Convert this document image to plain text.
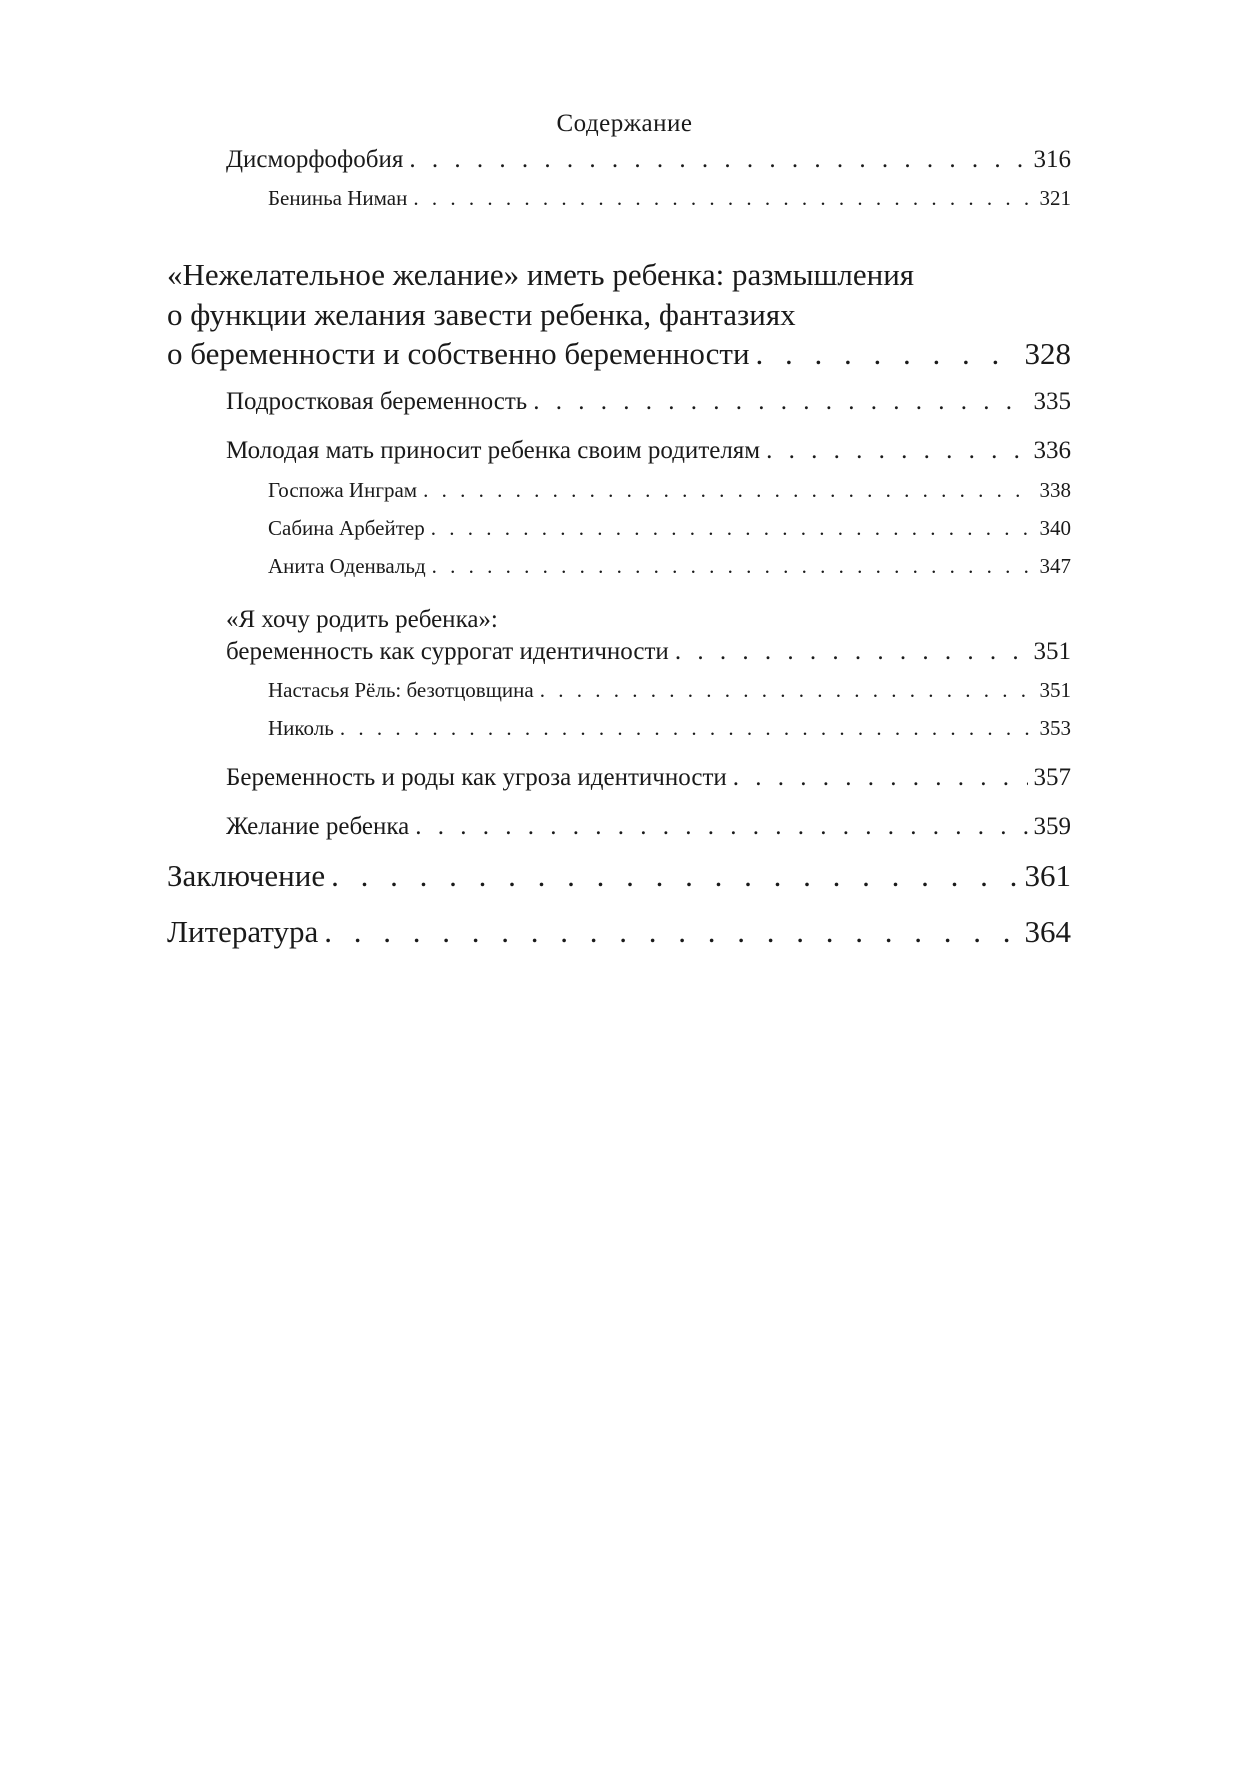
Содержание
Дисморфофобия . . .	316
Бениньа Ниман . . .	321
«Нежелательное желание» иметь ребенка: размышления
о функции желания завести ребенка, фантазиях
о беременности и собственно беременности . . .	328
Подростковая беременность . . .	335
Молодая мать приносит ребенка своим родителям . . .	336
Госпожа Инграм . . .	338
Сабина Арбейтер . . .	340
Анита Оденвальд . . .	347
«Я хочу родить ребенка»:
беременность как суррогат идентичности . . .	351
Настасья Рёль: безотцовщина . . .	351
Николь . . .	353
Беременность и роды как угроза идентичности . . .	357
Желание ребенка . . .	359
Заключение . . .	361
Литература . . .	364
